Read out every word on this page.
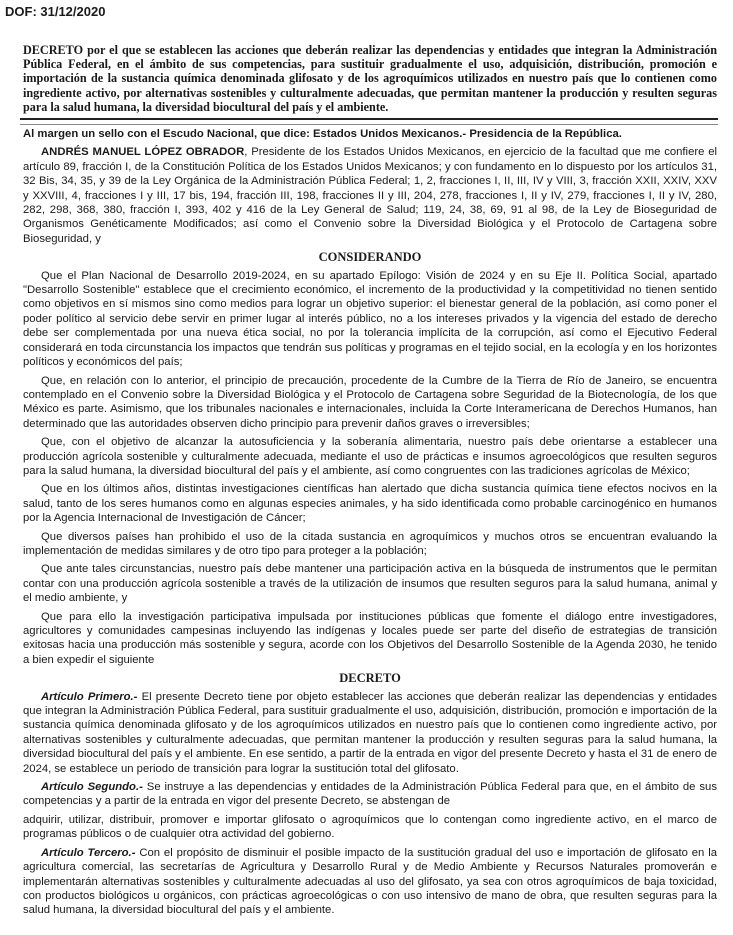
DOF: 31/12/2020
DECRETO por el que se establecen las acciones que deberán realizar las dependencias y entidades que integran la Administración Pública Federal, en el ámbito de sus competencias, para sustituir gradualmente el uso, adquisición, distribución, promoción e importación de la sustancia química denominada glifosato y de los agroquímicos utilizados en nuestro país que lo contienen como ingrediente activo, por alternativas sostenibles y culturalmente adecuadas, que permitan mantener la producción y resulten seguras para la salud humana, la diversidad biocultural del país y el ambiente.

Al margen un sello con el Escudo Nacional, que dice: Estados Unidos Mexicanos.- Presidencia de la República.

ANDRÉS MANUEL LÓPEZ OBRADOR, Presidente de los Estados Unidos Mexicanos, en ejercicio de la facultad que me confiere el artículo 89, fracción I, de la Constitución Política de los Estados Unidos Mexicanos; y con fundamento en lo dispuesto por los artículos 31, 32 Bis, 34, 35, y 39 de la Ley Orgánica de la Administración Pública Federal; 1, 2, fracciones I, II, III, IV y VIII, 3, fracción XXII, XXIV, XXV y XXVIII, 4, fracciones I y III, 17 bis, 194, fracción III, 198, fracciones II y III, 204, 278, fracciones I, II y IV, 279, fracciones I, II y IV, 280, 282, 298, 368, 380, fracción I, 393, 402 y 416 de la Ley General de Salud; 119, 24, 38, 69, 91 al 98, de la Ley de Bioseguridad de Organismos Genéticamente Modificados; así como el Convenio sobre la Diversidad Biológica y el Protocolo de Cartagena sobre Bioseguridad, y

CONSIDERANDO

Que el Plan Nacional de Desarrollo 2019-2024, en su apartado Epílogo: Visión de 2024 y en su Eje II. Política Social, apartado "Desarrollo Sostenible" establece que el crecimiento económico, el incremento de la productividad y la competitividad no tienen sentido como objetivos en sí mismos sino como medios para lograr un objetivo superior: el bienestar general de la población, así como poner el poder político al servicio debe servir en primer lugar al interés público, no a los intereses privados y la vigencia del estado de derecho debe ser complementada por una nueva ética social, no por la tolerancia implícita de la corrupción, así como el Ejecutivo Federal considerará en toda circunstancia los impactos que tendrán sus políticas y programas en el tejido social, en la ecología y en los horizontes políticos y económicos del país;

Que, en relación con lo anterior, el principio de precaución, procedente de la Cumbre de la Tierra de Río de Janeiro, se encuentra contemplado en el Convenio sobre la Diversidad Biológica y el Protocolo de Cartagena sobre Seguridad de la Biotecnología, de los que México es parte. Asimismo, que los tribunales nacionales e internacionales, incluida la Corte Interamericana de Derechos Humanos, han determinado que las autoridades observen dicho principio para prevenir daños graves o irreversibles;

Que, con el objetivo de alcanzar la autosuficiencia y la soberanía alimentaria, nuestro país debe orientarse a establecer una producción agrícola sostenible y culturalmente adecuada, mediante el uso de prácticas e insumos agroecológicos que resulten seguros para la salud humana, la diversidad biocultural del país y el ambiente, así como congruentes con las tradiciones agrícolas de México;

Que en los últimos años, distintas investigaciones científicas han alertado que dicha sustancia química tiene efectos nocivos en la salud, tanto de los seres humanos como en algunas especies animales, y ha sido identificada como probable carcinogénico en humanos por la Agencia Internacional de Investigación de Cáncer;

Que diversos países han prohibido el uso de la citada sustancia en agroquímicos y muchos otros se encuentran evaluando la implementación de medidas similares y de otro tipo para proteger a la población;

Que ante tales circunstancias, nuestro país debe mantener una participación activa en la búsqueda de instrumentos que le permitan contar con una producción agrícola sostenible a través de la utilización de insumos que resulten seguros para la salud humana, animal y el medio ambiente, y

Que para ello la investigación participativa impulsada por instituciones públicas que fomente el diálogo entre investigadores, agricultores y comunidades campesinas incluyendo las indígenas y locales puede ser parte del diseño de estrategias de transición exitosas hacia una producción más sostenible y segura, acorde con los Objetivos del Desarrollo Sostenible de la Agenda 2030, he tenido a bien expedir el siguiente

DECRETO

Artículo Primero.- El presente Decreto tiene por objeto establecer las acciones que deberán realizar las dependencias y entidades que integran la Administración Pública Federal, para sustituir gradualmente el uso, adquisición, distribución, promoción e importación de la sustancia química denominada glifosato y de los agroquímicos utilizados en nuestro país que lo contienen como ingrediente activo, por alternativas sostenibles y culturalmente adecuadas, que permitan mantener la producción y resulten seguras para la salud humana, la diversidad biocultural del país y el ambiente. En ese sentido, a partir de la entrada en vigor del presente Decreto y hasta el 31 de enero de 2024, se establece un periodo de transición para lograr la sustitución total del glifosato.

Artículo Segundo.- Se instruye a las dependencias y entidades de la Administración Pública Federal para que, en el ámbito de sus competencias y a partir de la entrada en vigor del presente Decreto, se abstengan de

adquirir, utilizar, distribuir, promover e importar glifosato o agroquímicos que lo contengan como ingrediente activo, en el marco de programas públicos o de cualquier otra actividad del gobierno.

Artículo Tercero.- Con el propósito de disminuir el posible impacto de la sustitución gradual del uso e importación de glifosato en la agricultura comercial, las secretarías de Agricultura y Desarrollo Rural y de Medio Ambiente y Recursos Naturales promoverán e implementarán alternativas sostenibles y culturalmente adecuadas al uso del glifosato, ya sea con otros agroquímicos de baja toxicidad, con productos biológicos u orgánicos, con prácticas agroecológicas o con uso intensivo de mano de obra, que resulten seguras para la salud humana, la diversidad biocultural del país y el ambiente.
